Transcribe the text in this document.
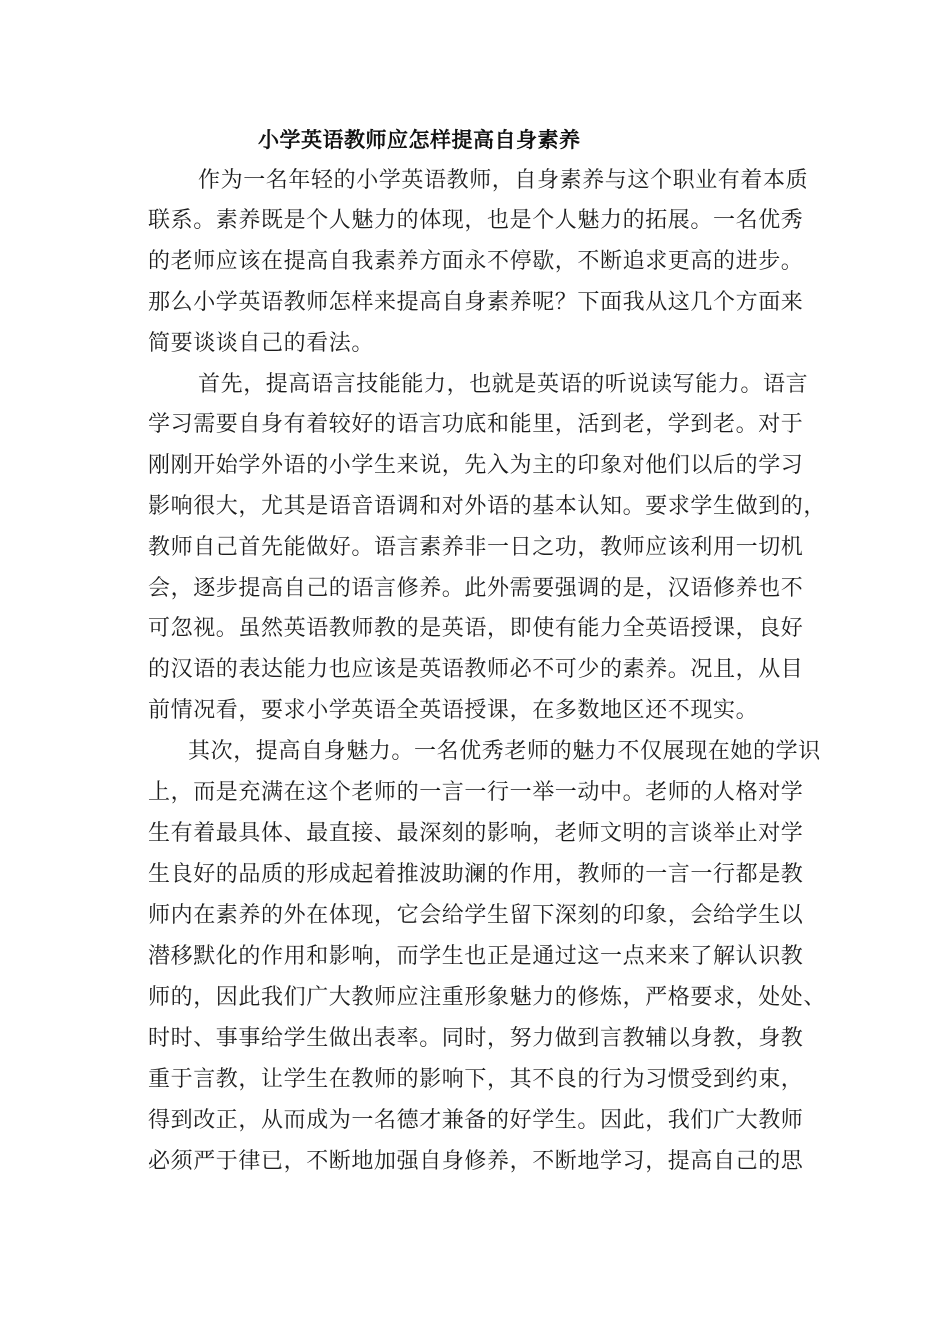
小学英语教师应怎样提高自身素养
作为一名年轻的小学英语教师，自身素养与这个职业有着本质
联系。素养既是个人魅力的体现，也是个人魅力的拓展。一名优秀
的老师应该在提高自我素养方面永不停歇，不断追求更高的进步。
那么小学英语教师怎样来提高自身素养呢？下面我从这几个方面来
简要谈谈自己的看法。
首先，提高语言技能能力，也就是英语的听说读写能力。语言
学习需要自身有着较好的语言功底和能里，活到老，学到老。对于
刚刚开始学外语的小学生来说，先入为主的印象对他们以后的学习
影响很大，尤其是语音语调和对外语的基本认知。要求学生做到的，
教师自己首先能做好。语言素养非一日之功，教师应该利用一切机
会，逐步提高自己的语言修养。此外需要强调的是，汉语修养也不
可忽视。虽然英语教师教的是英语，即使有能力全英语授课，良好
的汉语的表达能力也应该是英语教师必不可少的素养。况且，从目
前情况看，要求小学英语全英语授课，在多数地区还不现实。
其次，提高自身魅力。一名优秀老师的魅力不仅展现在她的学识
上，而是充满在这个老师的一言一行一举一动中。老师的人格对学
生有着最具体、最直接、最深刻的影响，老师文明的言谈举止对学
生良好的品质的形成起着推波助澜的作用，教师的一言一行都是教
师内在素养的外在体现，它会给学生留下深刻的印象，会给学生以
潜移默化的作用和影响，而学生也正是通过这一点来来了解认识教
师的，因此我们广大教师应注重形象魅力的修炼，严格要求，处处、
时时、事事给学生做出表率。同时，努力做到言教辅以身教，身教
重于言教，让学生在教师的影响下，其不良的行为习惯受到约束，
得到改正，从而成为一名德才兼备的好学生。因此，我们广大教师
必须严于律已，不断地加强自身修养，不断地学习，提高自己的思
